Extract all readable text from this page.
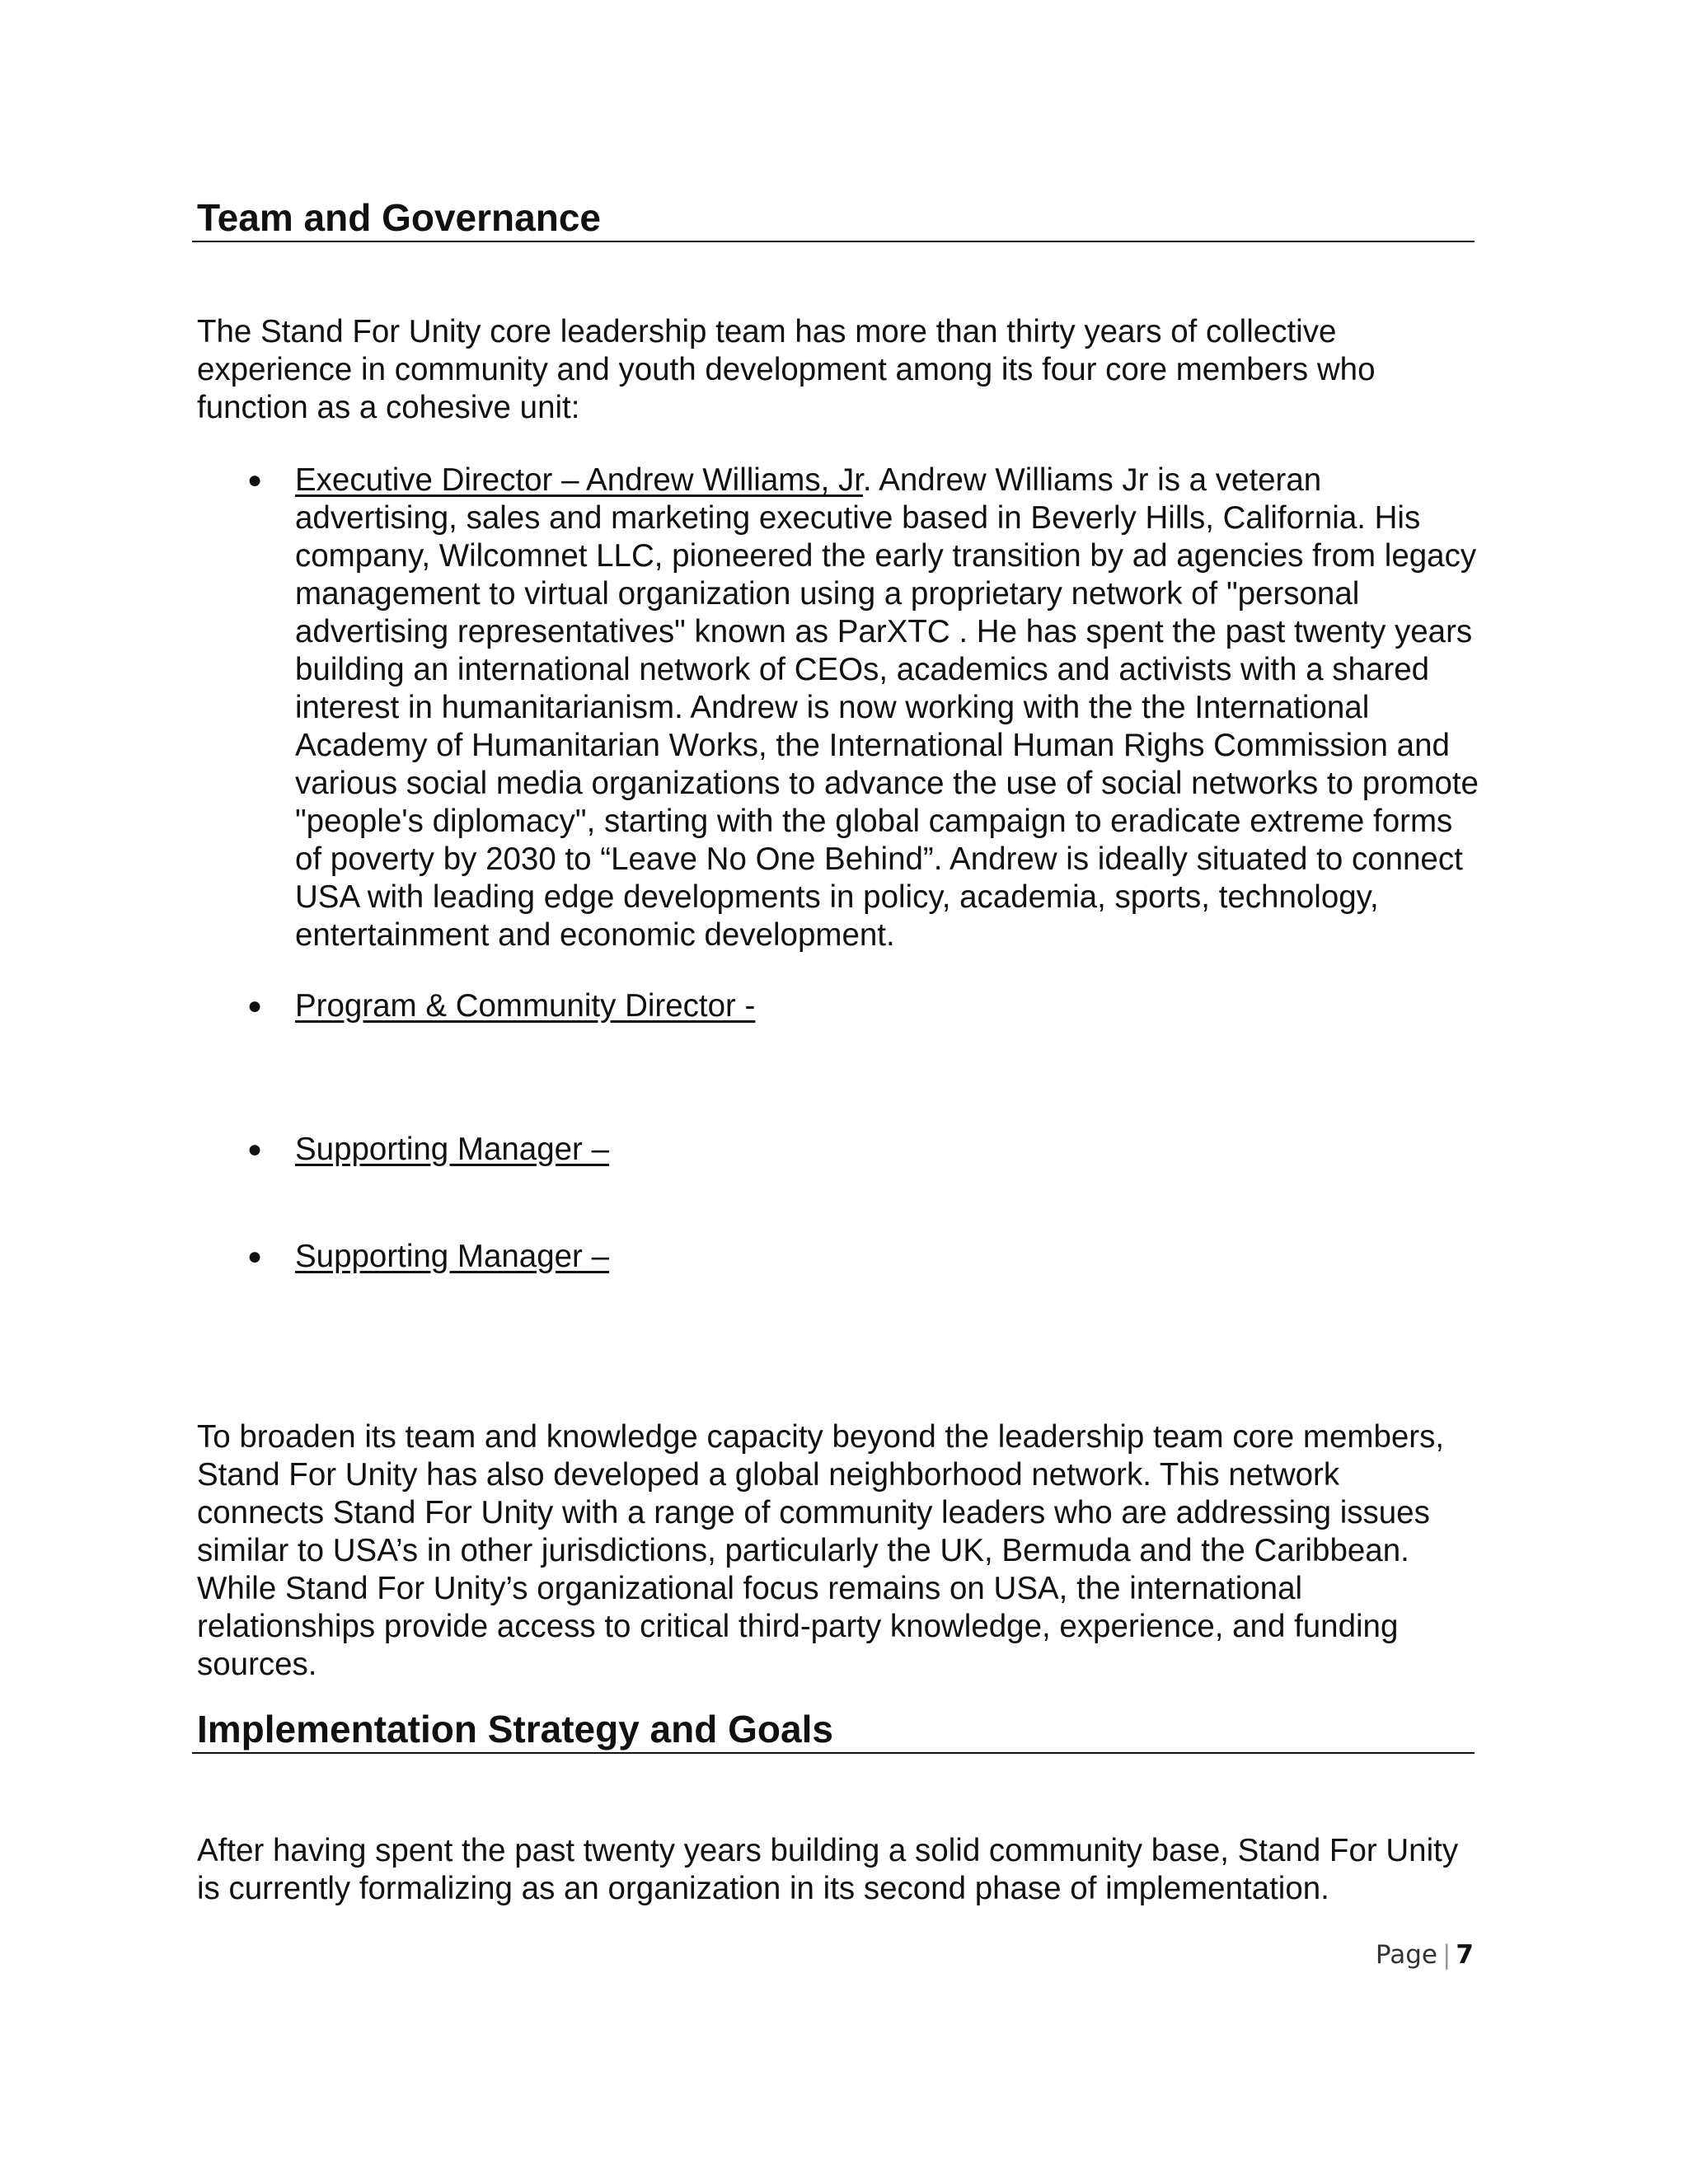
Team and Governance

The Stand For Unity core leadership team has more than thirty years of collective experience in community and youth development among its four core members who function as a cohesive unit:

●	Executive Director – Andrew Williams, Jr. Andrew Williams Jr is a veteran advertising, sales and marketing executive based in Beverly Hills, California. His company, Wilcomnet LLC, pioneered the early transition by ad agencies from legacy management to virtual organization using a proprietary network of "personal advertising representatives" known as ParXTC . He has spent the past twenty years building an international network of CEOs, academics and activists with a shared interest in humanitarianism. Andrew is now working with the the International Academy of Humanitarian Works, the International Human Righs Commission and various social media organizations to advance the use of social networks to promote "people's diplomacy", starting with the global campaign to eradicate extreme forms of poverty by 2030 to “Leave No One Behind”. Andrew is ideally situated to connect USA with leading edge developments in policy, academia, sports, technology, entertainment and economic development.
●	Program & Community Director -
●	Supporting Manager –
●	Supporting Manager –

To broaden its team and knowledge capacity beyond the leadership team core members, Stand For Unity has also developed a global neighborhood network. This network connects Stand For Unity with a range of community leaders who are addressing issues similar to USA’s in other jurisdictions, particularly the UK, Bermuda and the Caribbean. While Stand For Unity’s organizational focus remains on USA, the international relationships provide access to critical third-party knowledge, experience, and funding sources.

Implementation Strategy and Goals

After having spent the past twenty years building a solid community base, Stand For Unity is currently formalizing as an organization in its second phase of implementation.

Page | 7
